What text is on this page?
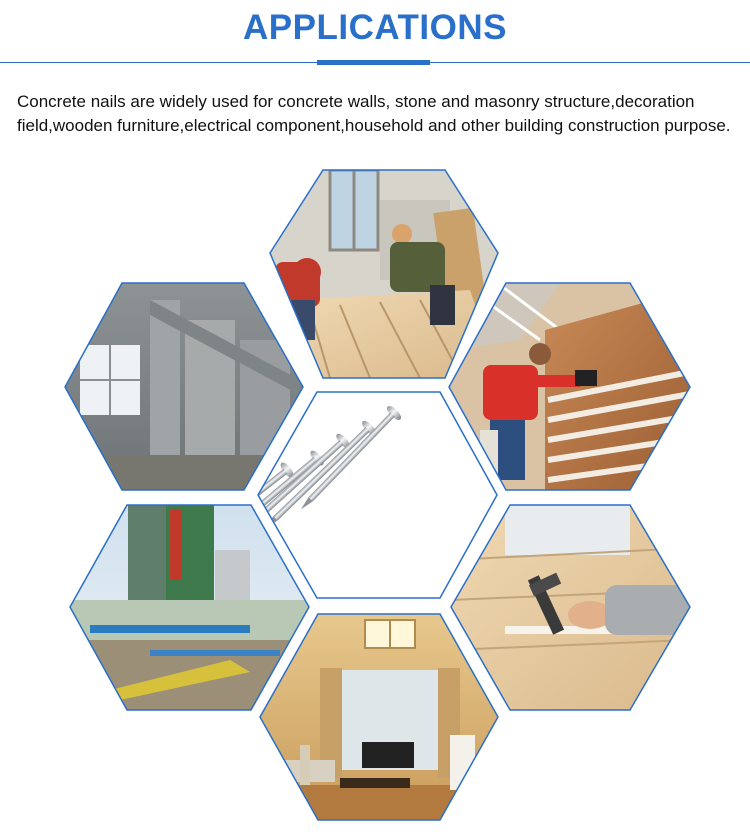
APPLICATIONS
Concrete nails are widely used for concrete walls, stone and masonry structure,decoration field,wooden furniture,electrical component,household and other building construction purpose.
